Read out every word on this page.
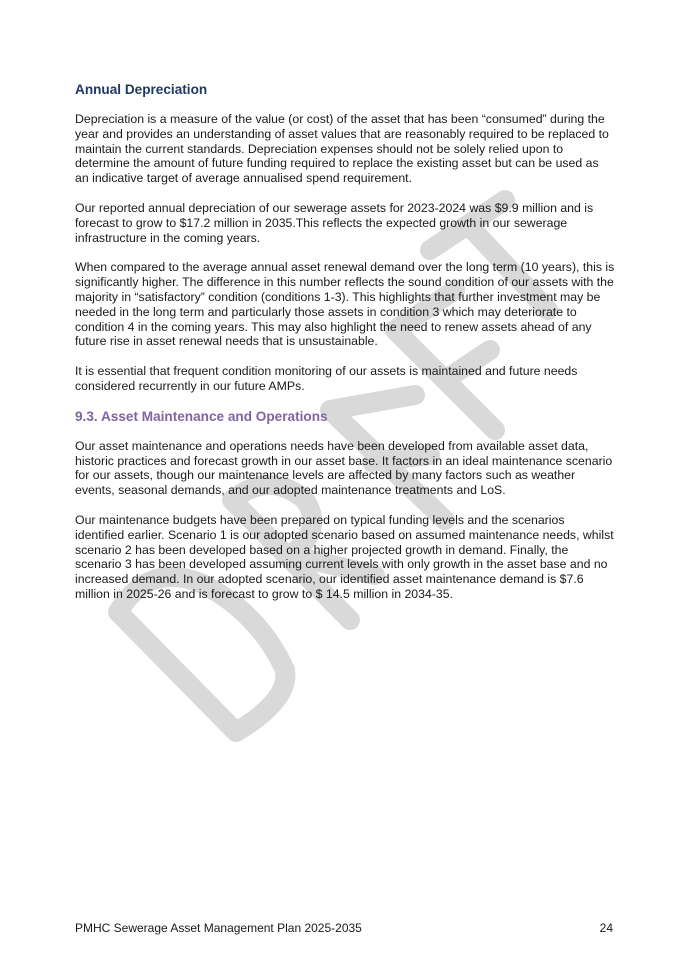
Annual Depreciation

Depreciation is a measure of the value (or cost) of the asset that has been “consumed” during the year and provides an understanding of asset values that are reasonably required to be replaced to maintain the current standards. Depreciation expenses should not be solely relied upon to determine the amount of future funding required to replace the existing asset but can be used as an indicative target of average annualised spend requirement.

Our reported annual depreciation of our sewerage assets for 2023-2024 was $9.9 million and is forecast to grow to $17.2 million in 2035.This reflects the expected growth in our sewerage infrastructure in the coming years.

When compared to the average annual asset renewal demand over the long term (10 years), this is significantly higher. The difference in this number reflects the sound condition of our assets with the majority in “satisfactory” condition (conditions 1-3). This highlights that further investment may be needed in the long term and particularly those assets in condition 3 which may deteriorate to condition 4 in the coming years. This may also highlight the need to renew assets ahead of any future rise in asset renewal needs that is unsustainable.

It is essential that frequent condition monitoring of our assets is maintained and future needs considered recurrently in our future AMPs.

9.3. Asset Maintenance and Operations

Our asset maintenance and operations needs have been developed from available asset data, historic practices and forecast growth in our asset base. It factors in an ideal maintenance scenario for our assets, though our maintenance levels are affected by many factors such as weather events, seasonal demands, and our adopted maintenance treatments and LoS.

Our maintenance budgets have been prepared on typical funding levels and the scenarios identified earlier. Scenario 1 is our adopted scenario based on assumed maintenance needs, whilst scenario 2 has been developed based on a higher projected growth in demand. Finally, the scenario 3 has been developed assuming current levels with only growth in the asset base and no increased demand. In our adopted scenario, our identified asset maintenance demand is $7.6 million in 2025-26 and is forecast to grow to $ 14.5 million in 2034-35.

PMHC Sewerage Asset Management Plan 2025-2035	24
